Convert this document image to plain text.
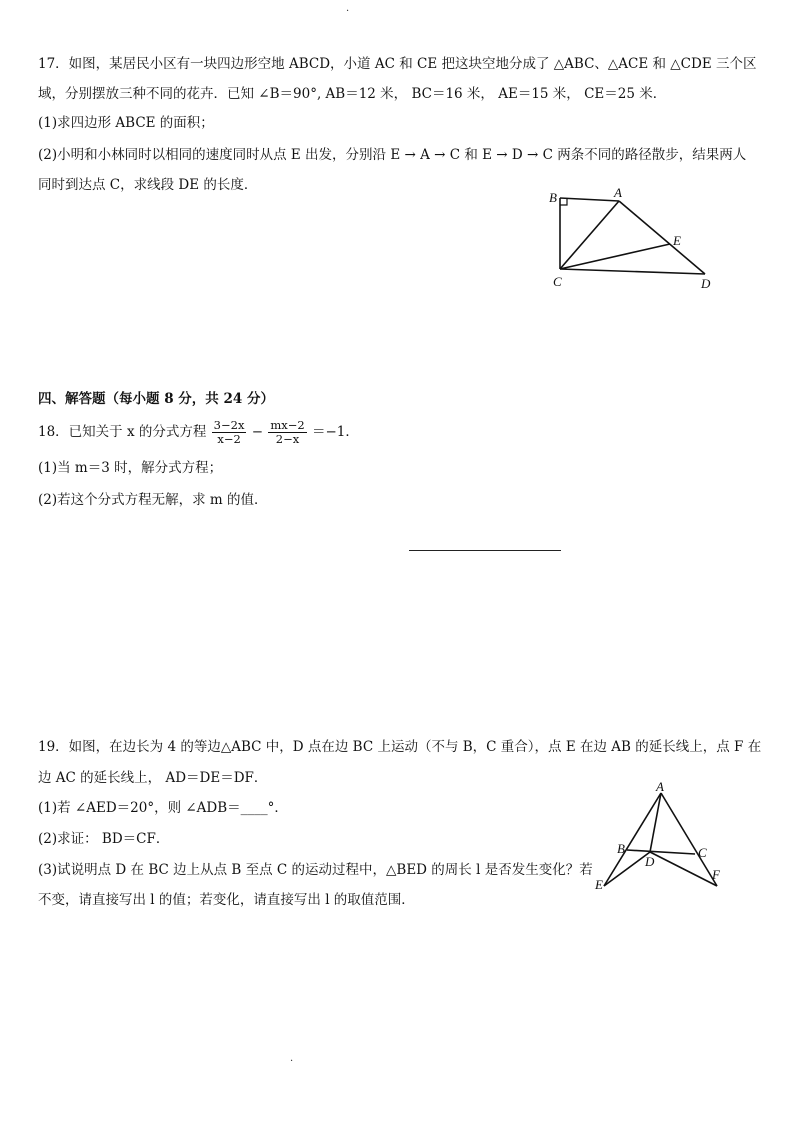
·
17．如图，某居民小区有一块四边形空地 ABCD，小道 AC 和 CE 把这块空地分成了 △ABC、△ACE 和 △CDE 三个区
域，分别摆放三种不同的花卉．已知 ∠B＝90°, AB＝12 米， BC＝16 米， AE＝15 米， CE＝25 米．
(1)求四边形 ABCE 的面积；
(2)小明和小林同时以相同的速度同时从点 E 出发，分别沿 E → A → C 和 E → D → C 两条不同的路径散步，结果两人
同时到达点 C，求线段 DE 的长度．
B	A
E
C	D
四、解答题（每小题 8 分，共 24 分）
18．已知关于 x 的分式方程 $\frac{3-2x}{x-2} - \frac{mx-2}{2-x} =-1$．
(1)当 m＝3 时，解分式方程；
(2)若这个分式方程无解，求 m 的值．
19．如图，在边长为 4 的等边△ABC 中，D 点在边 BC 上运动（不与 B，C 重合），点 E 在边 AB 的延长线上，点 F 在
边 AC 的延长线上， AD＝DE＝DF．
(1)若 ∠AED＝20°，则 ∠ADB＝____°．
(2)求证： BD＝CF．
(3)试说明点 D 在 BC 边上从点 B 至点 C 的运动过程中，△BED 的周长 l 是否发生变化？若
不变，请直接写出 l 的值；若变化，请直接写出 l 的取值范围．
A
B
D
C
E
F
·
